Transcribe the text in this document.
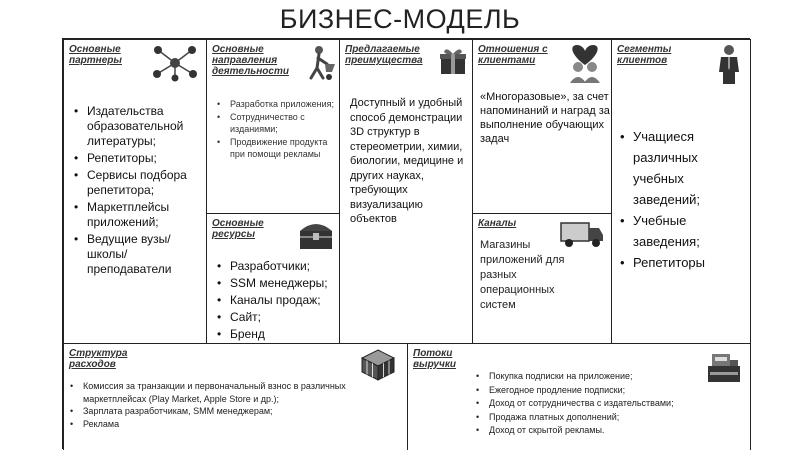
БИЗНЕС-МОДЕЛЬ
Основные
партнеры
• Издательства образовательной литературы;
• Репетиторы;
• Сервисы подбора репетитора;
• Маркетплейсы приложений;
• Ведущие вузы/школы/преподаватели
Основные
направления
деятельности
• Разработка приложения;
• Сотрудничество с изданиями;
• Продвижение продукта при помощи рекламы
Основные
ресурсы
• Разработчики;
• SSM менеджеры;
• Каналы продаж;
• Сайт;
• Бренд
Предлагаемые
преимущества
Доступный и удобный способ демонстрации 3D структур в стереометрии, химии, биологии, медицине и других науках, требующих визуализацию объектов
Отношения с
клиентами
«Многоразовые», за счет напоминаний и наград за выполнение обучающих задач
Каналы
Магазины приложений для разных операционных систем
Сегменты
клиентов
• Учащиеся различных учебных заведений;
• Учебные заведения;
• Репетиторы
Структура
расходов
• Комиссия за транзакции и первоначальный взнос в различных маркетплейсах (Play Market, Apple Store и др.);
• Зарплата разработчикам, SMM менеджерам;
• Реклама
Потоки
выручки
• Покупка подписки на приложение;
• Ежегодное продление подписки;
• Доход от сотрудничества с издательствами;
• Продажа платных дополнений;
• Доход от скрытой рекламы.
